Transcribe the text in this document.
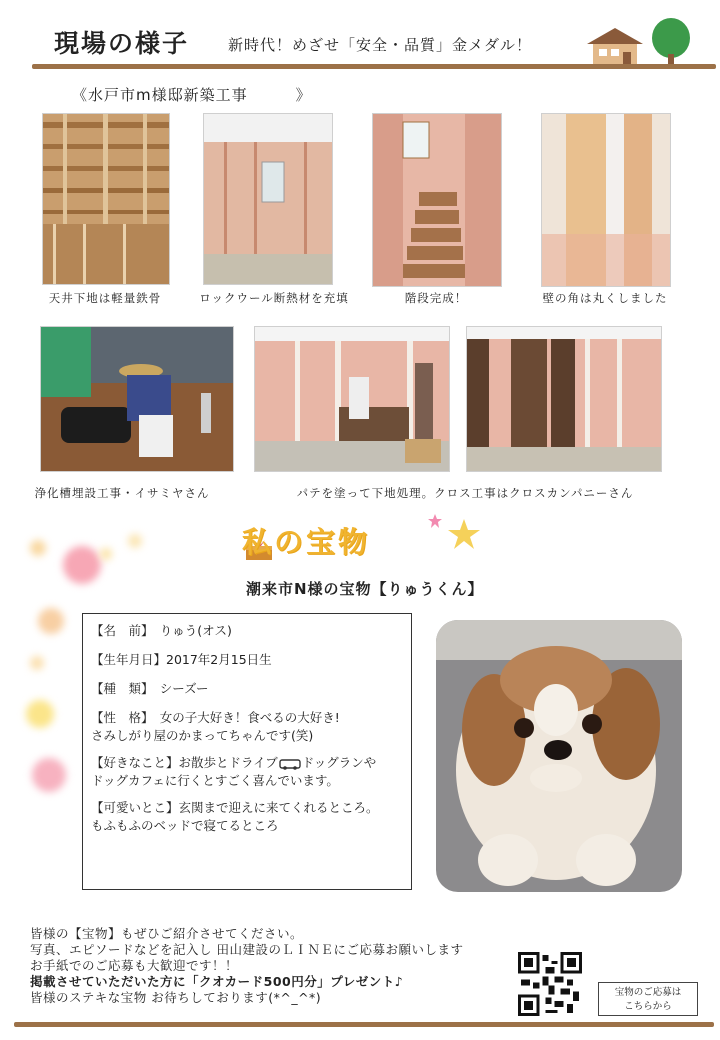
現場の様子	新時代！めざせ「安全・品質」金メダル！
《水戸市m様邸新築工事　　　》
天井下地は軽量鉄骨	ロックウール断熱材を充填	階段完成！	壁の角は丸くしました
浄化槽埋設工事・イサミヤさん	パテを塗って下地処理。クロス工事はクロスカンパニーさん
私の宝物
潮来市N様の宝物【りゅうくん】
【名　前】　りゅう(オス)
【生年月日】2017年2月15日生
【種　類】　シーズー
【性　格】　女の子大好き！食べるの大好き!
さみしがり屋のかまってちゃんです(笑)
【好きなこと】お散歩とドライブ ドッグランや
ドッグカフェに行くとすごく喜んでいます。
【可愛いとこ】玄関まで迎えに来てくれるところ。
もふもふのベッドで寝てるところ
皆様の【宝物】もぜひご紹介させてください。
写真、エピソードなどを記入し 田山建設のＬＩＮＥにご応募お願いします
お手紙でのご応募も大歓迎です！！
掲載させていただいた方に「クオカード500円分」プレゼント♪
皆様のステキな宝物 お待ちしております(*^_^*)	宝物のご応募は
こちらから
